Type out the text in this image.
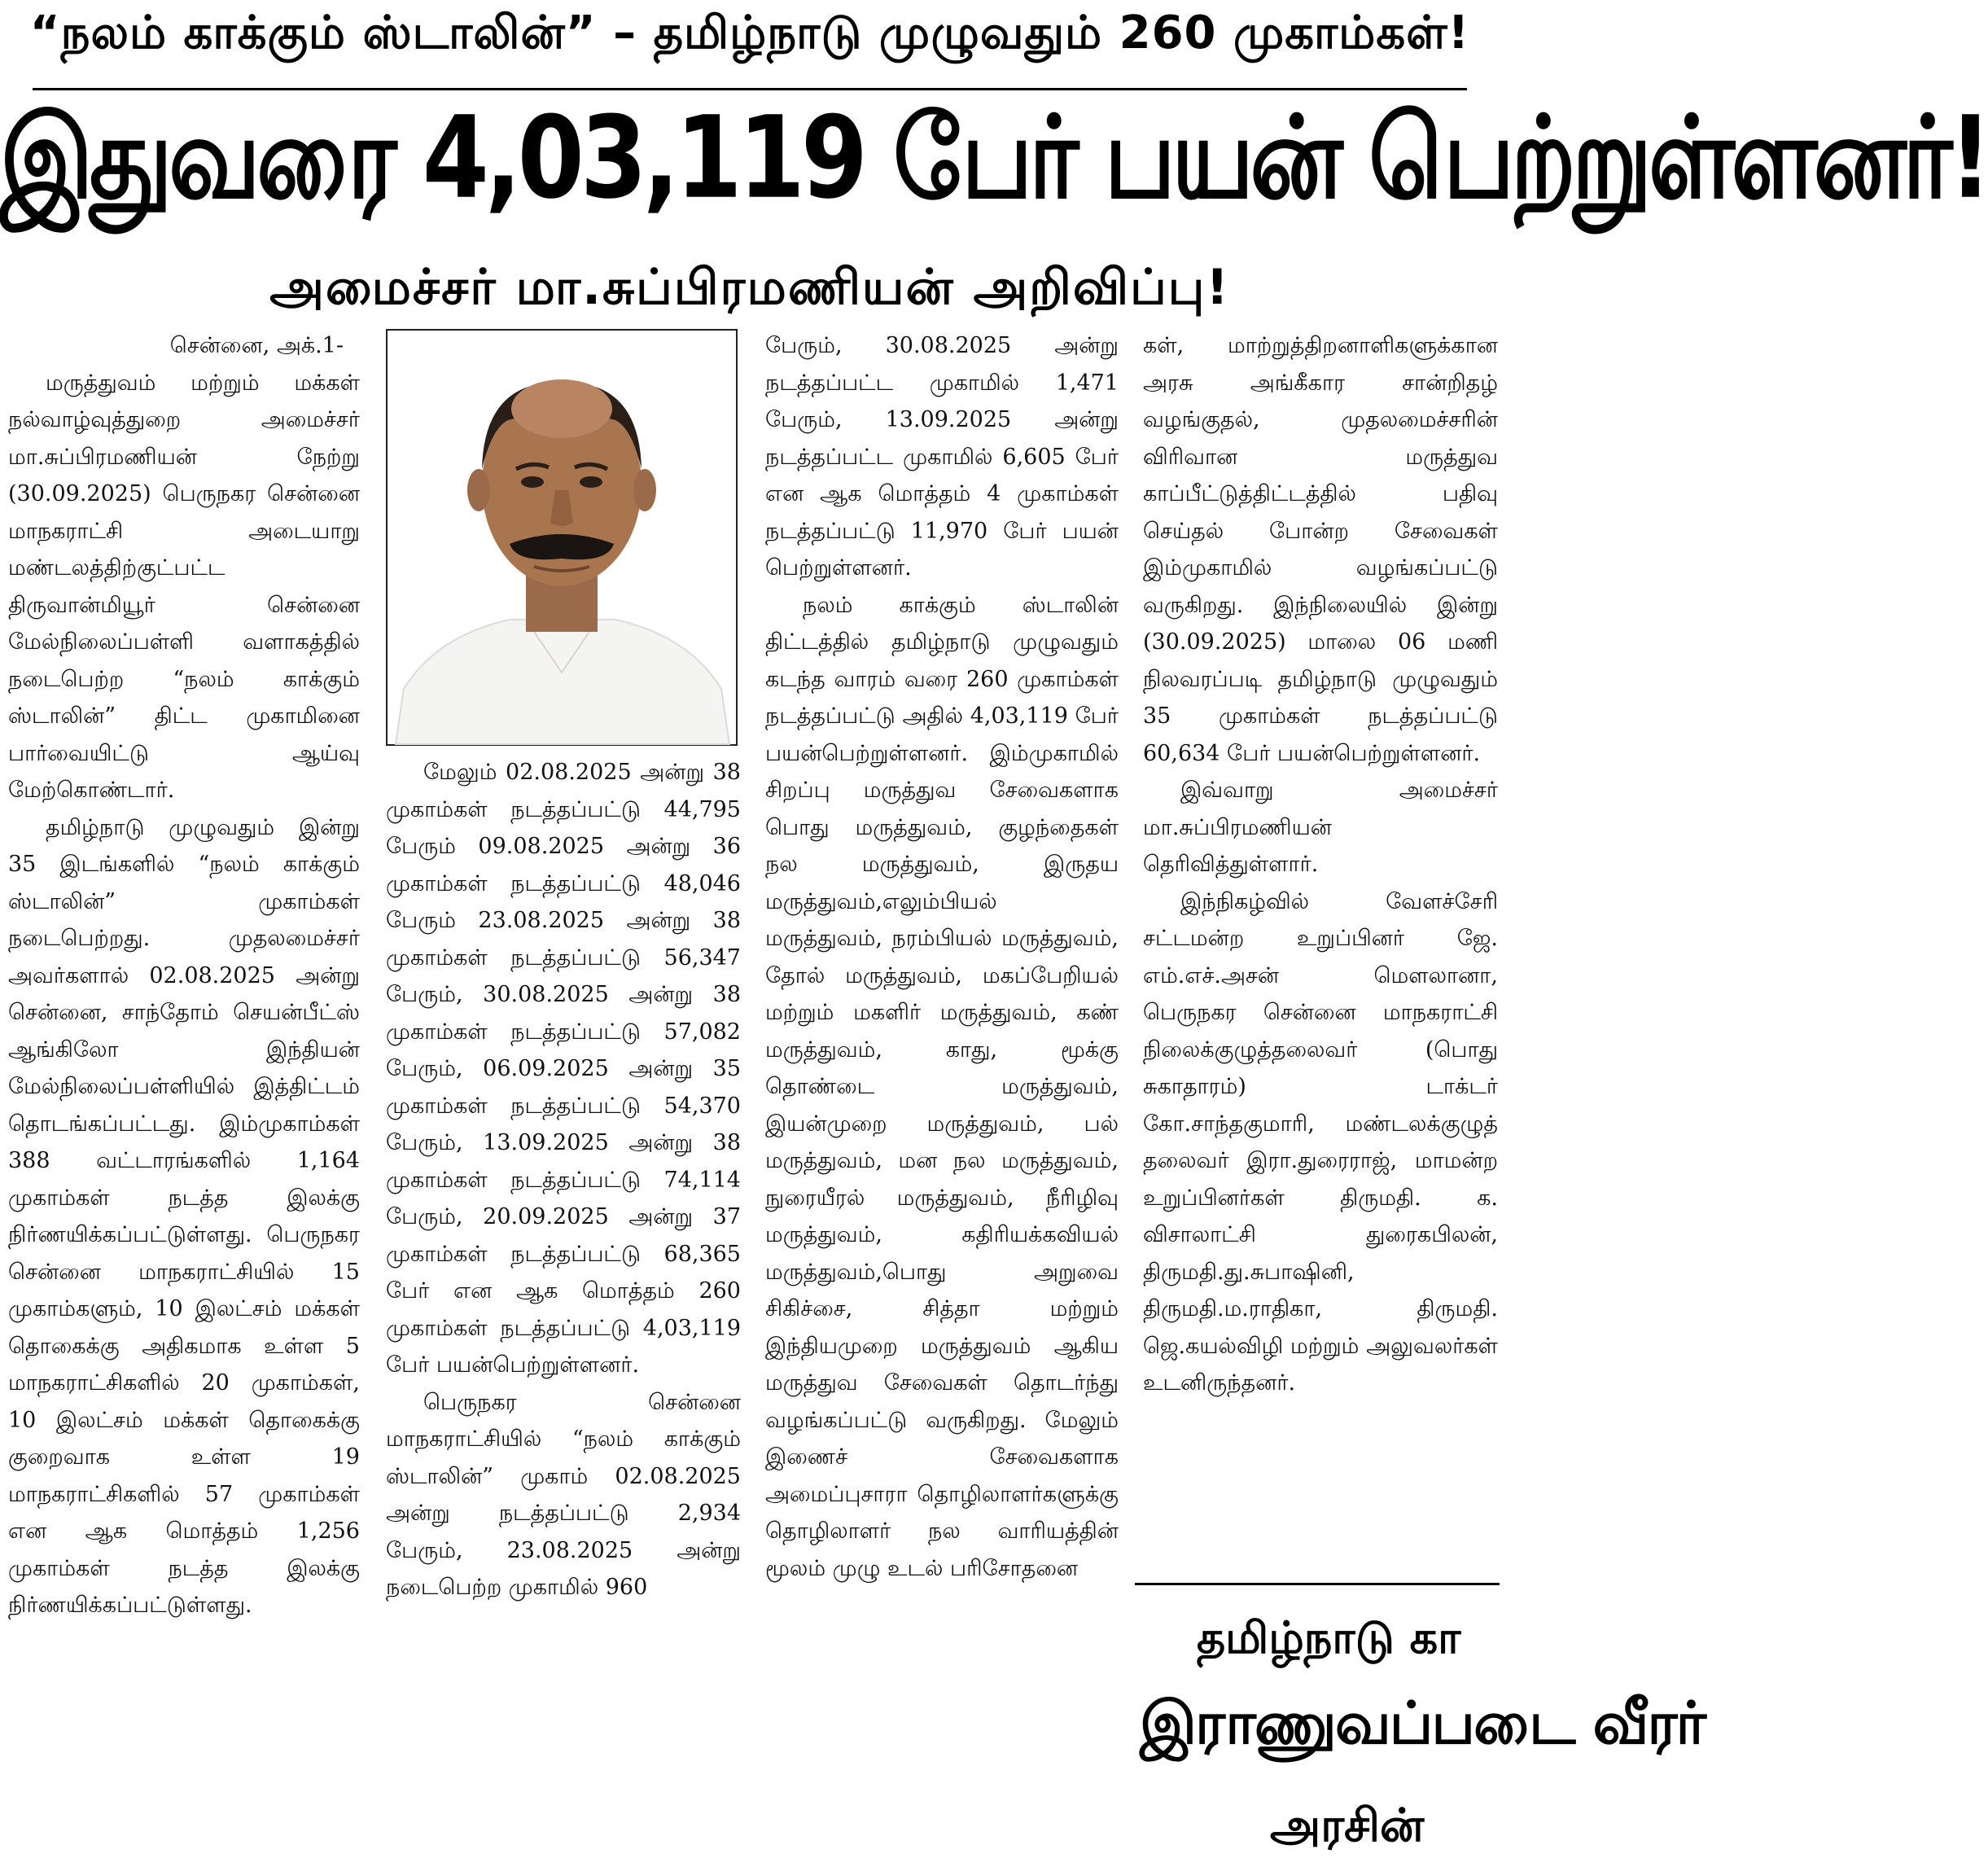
“நலம் காக்கும் ஸ்டாலின்” – தமிழ்நாடு முழுவதும் 260 முகாம்கள்!
இதுவரை 4,03,119 பேர் பயன் பெற்றுள்ளனர்!
அமைச்சர் மா.சுப்பிரமணியன் அறிவிப்பு!

சென்னை, அக்.1-

மருத்துவம் மற்றும் மக்கள் நல்வாழ்வுத்துறை அமைச்சர் மா.சுப்பிரமணியன் நேற்று (30.09.2025) பெருநகர சென்னை மாநகராட்சி அடையாறு மண்டலத்திற்குட்பட்ட திருவான்மியூர் சென்னை மேல்நிலைப்பள்ளி வளாகத்தில் நடைபெற்ற “நலம் காக்கும் ஸ்டாலின்” திட்ட முகாமினை பார்வையிட்டு ஆய்வு மேற்கொண்டார்.

தமிழ்நாடு முழுவதும் இன்று 35 இடங்களில் “நலம் காக்கும் ஸ்டாலின்” முகாம்கள் நடைபெற்றது. முதலமைச்சர் அவர்களால் 02.08.2025 அன்று சென்னை, சாந்தோம் செயன்பீட்ஸ் ஆங்கிலோ இந்தியன் மேல்நிலைப்பள்ளியில் இத்திட்டம் தொடங்கப்பட்டது. இம்முகாம்கள் 388 வட்டாரங்களில் 1,164 முகாம்கள் நடத்த இலக்கு நிர்ணயிக்கப்பட்டுள்ளது. பெருநகர சென்னை மாநகராட்சியில் 15 முகாம்களும், 10 இலட்சம் மக்கள் தொகைக்கு அதிகமாக உள்ள 5 மாநகராட்சிகளில் 20 முகாம்கள், 10 இலட்சம் மக்கள் தொகைக்கு குறைவாக உள்ள 19 மாநகராட்சிகளில் 57 முகாம்கள் என ஆக மொத்தம் 1,256 முகாம்கள் நடத்த இலக்கு நிர்ணயிக்கப்பட்டுள்ளது.

மேலும் 02.08.2025 அன்று 38 முகாம்கள் நடத்தப்பட்டு 44,795 பேரும் 09.08.2025 அன்று 36 முகாம்கள் நடத்தப்பட்டு 48,046 பேரும் 23.08.2025 அன்று 38 முகாம்கள் நடத்தப்பட்டு 56,347 பேரும், 30.08.2025 அன்று 38 முகாம்கள் நடத்தப்பட்டு 57,082 பேரும், 06.09.2025 அன்று 35 முகாம்கள் நடத்தப்பட்டு 54,370 பேரும், 13.09.2025 அன்று 38 முகாம்கள் நடத்தப்பட்டு 74,114 பேரும், 20.09.2025 அன்று 37 முகாம்கள் நடத்தப்பட்டு 68,365 பேர் என ஆக மொத்தம் 260 முகாம்கள் நடத்தப்பட்டு 4,03,119 பேர் பயன்பெற்றுள்ளனர்.

பெருநகர சென்னை மாநகராட்சியில் “நலம் காக்கும் ஸ்டாலின்” முகாம் 02.08.2025 அன்று நடத்தப்பட்டு 2,934 பேரும், 23.08.2025 அன்று நடைபெற்ற முகாமில் 960

பேரும், 30.08.2025 அன்று நடத்தப்பட்ட முகாமில் 1,471 பேரும், 13.09.2025 அன்று நடத்தப்பட்ட முகாமில் 6,605 பேர் என ஆக மொத்தம் 4 முகாம்கள் நடத்தப்பட்டு 11,970 பேர் பயன் பெற்றுள்ளனர்.

நலம் காக்கும் ஸ்டாலின் திட்டத்தில் தமிழ்நாடு முழுவதும் கடந்த வாரம் வரை 260 முகாம்கள் நடத்தப்பட்டு அதில் 4,03,119 பேர் பயன்பெற்றுள்ளனர். இம்முகாமில் சிறப்பு மருத்துவ சேவைகளாக பொது மருத்துவம், குழந்தைகள் நல மருத்துவம், இருதய மருத்துவம்,எலும்பியல் மருத்துவம், நரம்பியல் மருத்துவம், தோல் மருத்துவம், மகப்பேறியல் மற்றும் மகளிர் மருத்துவம், கண் மருத்துவம், காது, மூக்கு தொண்டை மருத்துவம், இயன்முறை மருத்துவம், பல் மருத்துவம், மன நல மருத்துவம், நுரையீரல் மருத்துவம், நீரிழிவு மருத்துவம், கதிரியக்கவியல் மருத்துவம்,பொது அறுவை சிகிச்சை, சித்தா மற்றும் இந்தியமுறை மருத்துவம் ஆகிய மருத்துவ சேவைகள் தொடர்ந்து வழங்கப்பட்டு வருகிறது. மேலும் இணைச் சேவைகளாக அமைப்புசாரா தொழிலாளர்களுக்கு தொழிலாளர் நல வாரியத்தின் மூலம் முழு உடல் பரிசோதனை

கள், மாற்றுத்திறனாளிகளுக்கான அரசு அங்கீகார சான்றிதழ் வழங்குதல், முதலமைச்சரின் விரிவான மருத்துவ காப்பீட்டுத்திட்டத்தில் பதிவு செய்தல் போன்ற சேவைகள் இம்முகாமில் வழங்கப்பட்டு வருகிறது. இந்நிலையில் இன்று (30.09.2025) மாலை 06 மணி நிலவரப்படி தமிழ்நாடு முழுவதும் 35 முகாம்கள் நடத்தப்பட்டு 60,634 பேர் பயன்பெற்றுள்ளனர்.

இவ்வாறு அமைச்சர் மா.சுப்பிரமணியன் தெரிவித்துள்ளார்.

இந்நிகழ்வில் வேளச்சேரி சட்டமன்ற உறுப்பினர் ஜே. எம்.எச்.அசன் மௌலானா, பெருநகர சென்னை மாநகராட்சி நிலைக்குழுத்தலைவர் (பொது சுகாதாரம்) டாக்டர் கோ.சாந்தகுமாரி, மண்டலக்குழுத் தலைவர் இரா.துரைராஜ், மாமன்ற உறுப்பினர்கள் திருமதி. க. விசாலாட்சி துரைகபிலன், திருமதி.து.சுபாஷினி, திருமதி.ம.ராதிகா, திருமதி. ஜெ.கயல்விழி மற்றும் அலுவலர்கள் உடனிருந்தனர்.

தமிழ்நாடு கா
இராணுவப்படை வீரர்
அரசின்
